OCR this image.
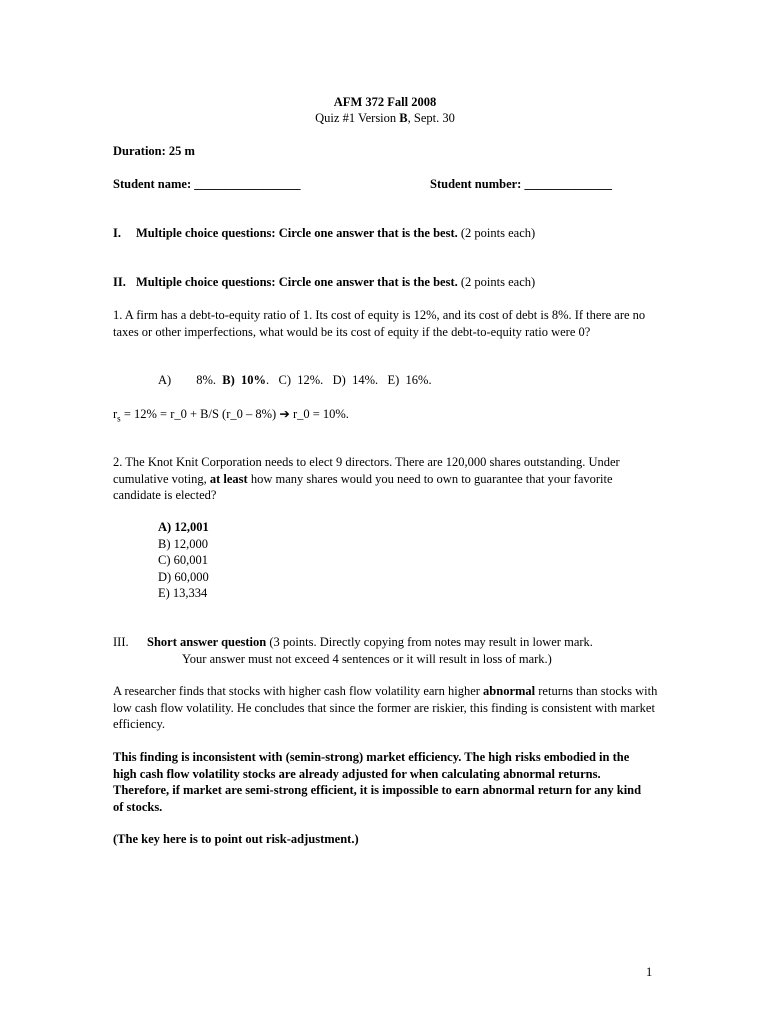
AFM 372 Fall 2008
Quiz #1 Version B, Sept. 30
Duration: 25 m
Student name: _________________	Student number: ______________
I. Multiple choice questions: Circle one answer that is the best. (2 points each)
II. Multiple choice questions: Circle one answer that is the best. (2 points each)
1. A firm has a debt-to-equity ratio of 1. Its cost of equity is 12%, and its cost of debt is 8%. If there are no taxes or other imperfections, what would be its cost of equity if the debt-to-equity ratio were 0?
A)        8%. B)  10%.   C)  12%.   D)  14%.   E)  16%.
$r_s = 12\%$ = r_0 + B/S (r_0 – 8%) ➔ r_0 = 10%.
2. The Knot Knit Corporation needs to elect 9 directors. There are 120,000 shares outstanding. Under cumulative voting, at least how many shares would you need to own to guarantee that your favorite candidate is elected?
A) 12,001
B) 12,000
C) 60,001
D) 60,000
E) 13,334
III. Short answer question (3 points. Directly copying from notes may result in lower mark.
Your answer must not exceed 4 sentences or it will result in loss of mark.)
A researcher finds that stocks with higher cash flow volatility earn higher abnormal returns than stocks with low cash flow volatility. He concludes that since the former are riskier, this finding is consistent with market efficiency.
This finding is inconsistent with (semin-strong) market efficiency. The high risks embodied in the high cash flow volatility stocks are already adjusted for when calculating abnormal returns. Therefore, if market are semi-strong efficient, it is impossible to earn abnormal return for any kind of stocks.
(The key here is to point out risk-adjustment.)
1
